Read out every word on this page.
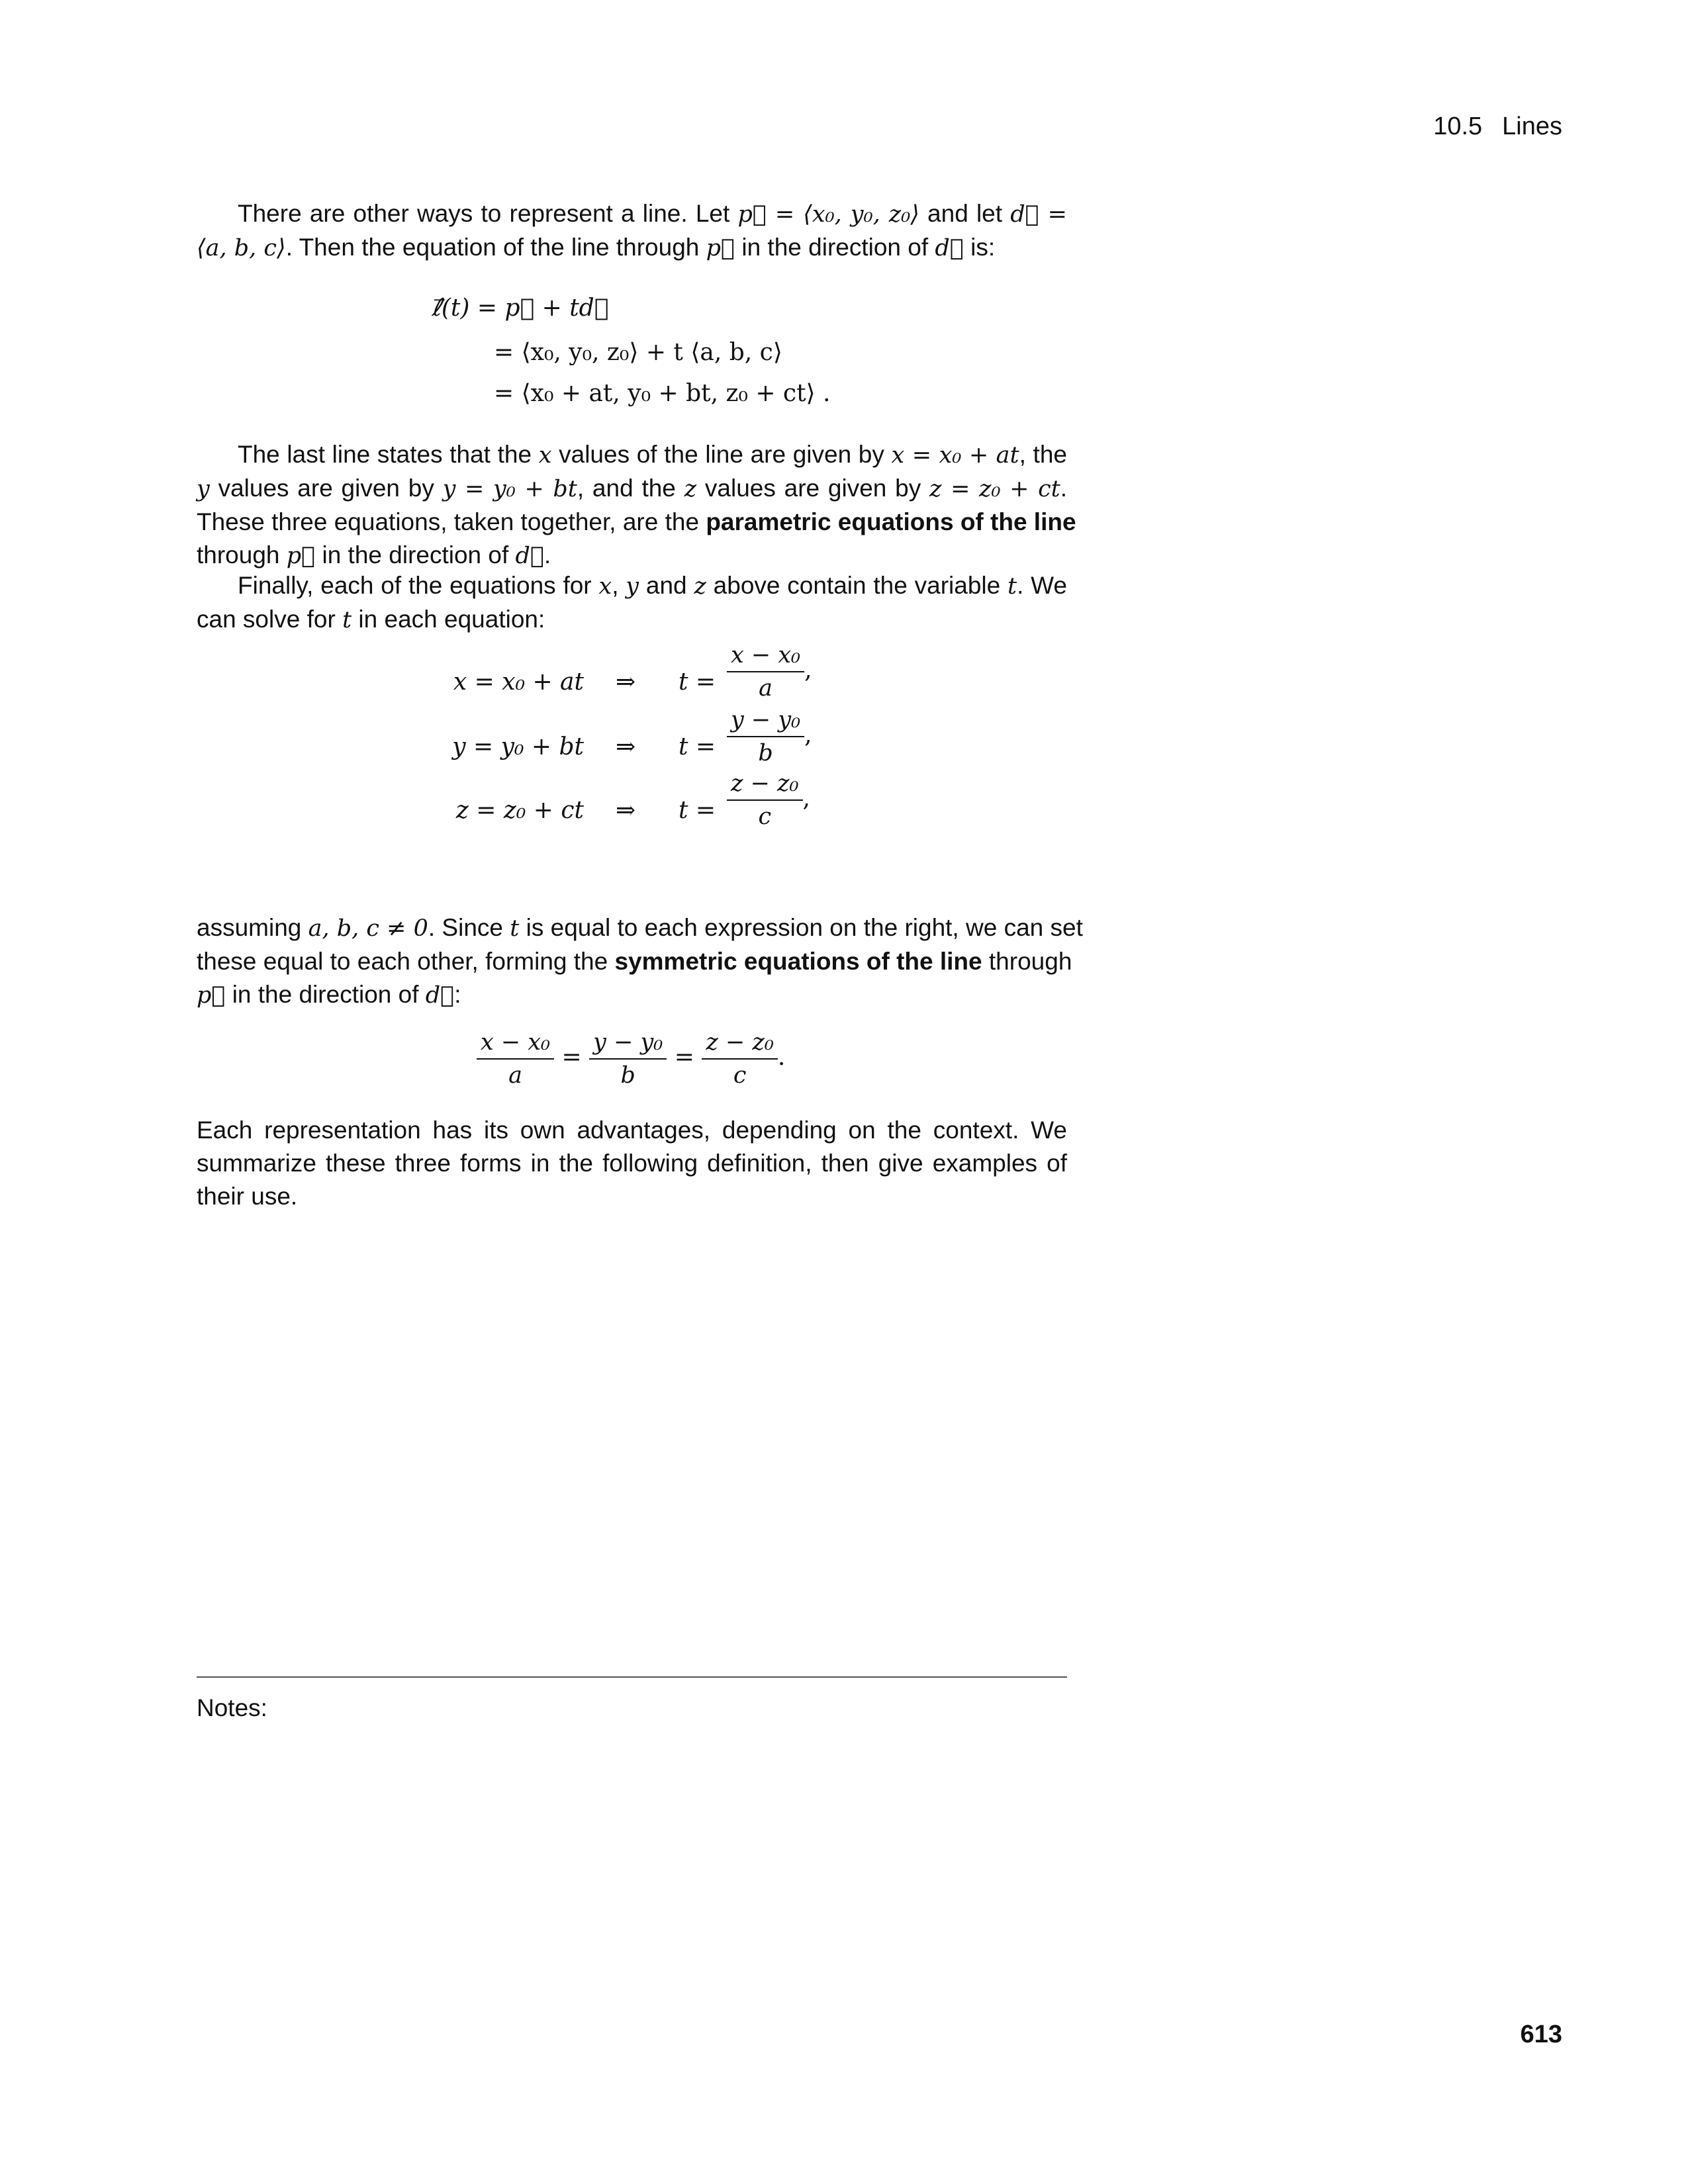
10.5 Lines
There are other ways to represent a line. Let p⃗ = ⟨x₀, y₀, z₀⟩ and let d⃗ =
⟨a, b, c⟩. Then the equation of the line through p⃗ in the direction of d⃗ is:
ℓ⃗(t) = p⃗ + td⃗
= ⟨x₀, y₀, z₀⟩ + t ⟨a, b, c⟩
= ⟨x₀ + at, y₀ + bt, z₀ + ct⟩ .
The last line states that the x values of the line are given by x = x₀ + at, the
y values are given by y = y₀ + bt, and the z values are given by z = z₀ + ct.
These three equations, taken together, are the parametric equations of the line
through p⃗ in the direction of d⃗.
Finally, each of the equations for x, y and z above contain the variable t. We
can solve for t in each equation:
x = x₀ + at ⇒ $t = \frac{\text{x − x₀}}{a}$ ,
y = y₀ + bt ⇒ $t = \frac{\text{y − y₀}}{b}$ ,
z = z₀ + ct ⇒ $t = \frac{\text{z − z₀}}{c}$ ,
assuming a, b, c ≠ 0. Since t is equal to each expression on the right, we can set
these equal to each other, forming the symmetric equations of the line through
p⃗ in the direction of d⃗:
$\frac{\text{x − x₀}}{a} = \frac{\text{y − y₀}}{b} = \frac{\text{z − z₀}}{c}$ .
Each representation has its own advantages, depending on the context. We
summarize these three forms in the following definition, then give examples of
their use.
Notes:
613
